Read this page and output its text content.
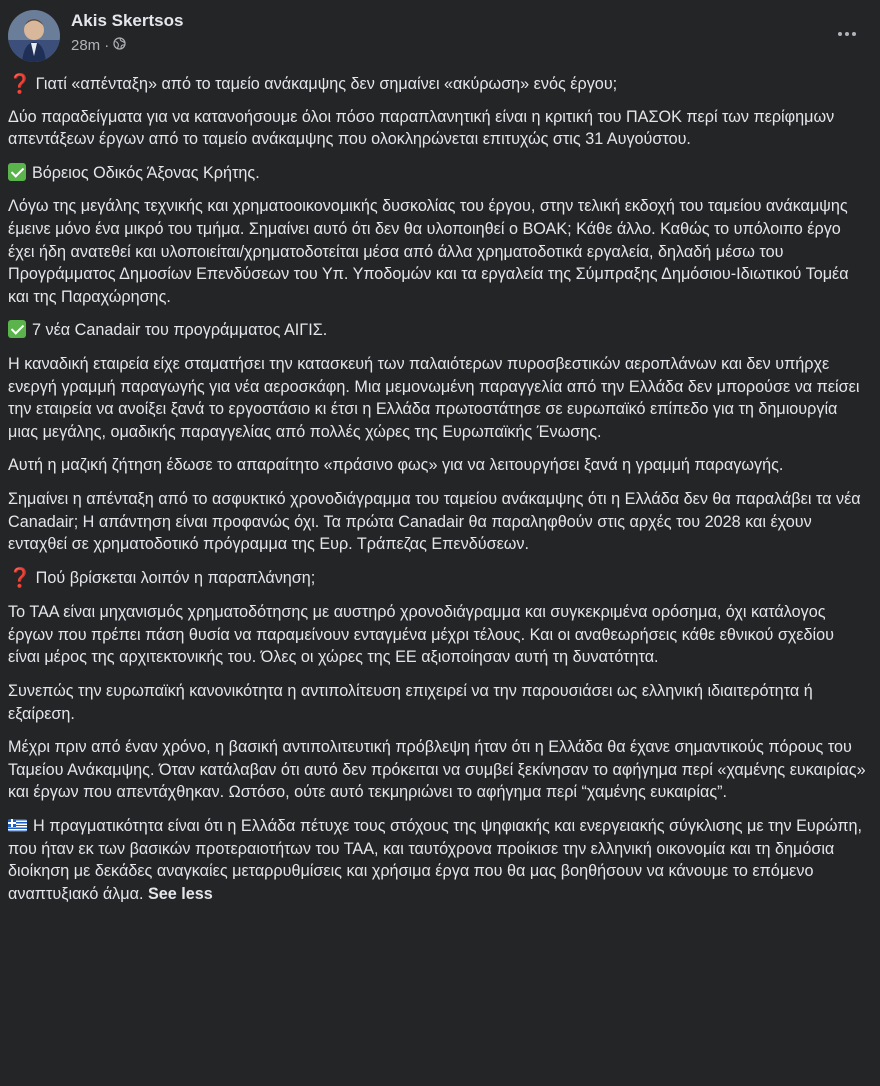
Akis Skertsos
28m ·

❓ Γιατί «απένταξη» από το ταμείο ανάκαμψης δεν σημαίνει «ακύρωση» ενός έργου;

Δύο παραδείγματα για να κατανοήσουμε όλοι πόσο παραπλανητική είναι η κριτική του ΠΑΣΟΚ περί των περίφημων απεντάξεων έργων από το ταμείο ανάκαμψης που ολοκληρώνεται επιτυχώς στις 31 Αυγούστου.

Βόρειος Οδικός Άξονας Κρήτης.

Λόγω της μεγάλης τεχνικής και χρηματοοικονομικής δυσκολίας του έργου, στην τελική εκδοχή του ταμείου ανάκαμψης έμεινε μόνο ένα μικρό του τμήμα. Σημαίνει αυτό ότι δεν θα υλοποιηθεί ο ΒΟΑΚ; Κάθε άλλο. Καθώς το υπόλοιπο έργο έχει ήδη ανατεθεί και υλοποιείται/χρηματοδοτείται μέσα από άλλα χρηματοδοτικά εργαλεία, δηλαδή μέσω του Προγράμματος Δημοσίων Επενδύσεων του Υπ. Υποδομών και τα εργαλεία της Σύμπραξης Δημόσιου-Ιδιωτικού Τομέα και της Παραχώρησης.

7 νέα Canadair του προγράμματος ΑΙΓΙΣ.

Η καναδική εταιρεία είχε σταματήσει την κατασκευή των παλαιότερων πυροσβεστικών αεροπλάνων και δεν υπήρχε ενεργή γραμμή παραγωγής για νέα αεροσκάφη. Μια μεμονωμένη παραγγελία από την Ελλάδα δεν μπορούσε να πείσει την εταιρεία να ανοίξει ξανά το εργοστάσιο κι έτσι η Ελλάδα πρωτοστάτησε σε ευρωπαϊκό επίπεδο για τη δημιουργία μιας μεγάλης, ομαδικής παραγγελίας από πολλές χώρες της Ευρωπαϊκής Ένωσης.

Αυτή η μαζική ζήτηση έδωσε το απαραίτητο «πράσινο φως» για να λειτουργήσει ξανά η γραμμή παραγωγής.

Σημαίνει η απένταξη από το ασφυκτικό χρονοδιάγραμμα του ταμείου ανάκαμψης ότι η Ελλάδα δεν θα παραλάβει τα νέα Canadair; Η απάντηση είναι προφανώς όχι. Τα πρώτα Canadair θα παραληφθούν στις αρχές του 2028 και έχουν ενταχθεί σε χρηματοδοτικό πρόγραμμα της Ευρ. Τράπεζας Επενδύσεων.

❓ Πού βρίσκεται λοιπόν η παραπλάνηση;

Το ΤΑΑ είναι μηχανισμός χρηματοδότησης με αυστηρό χρονοδιάγραμμα και συγκεκριμένα ορόσημα, όχι κατάλογος έργων που πρέπει πάση θυσία να παραμείνουν ενταγμένα μέχρι τέλους. Και οι αναθεωρήσεις κάθε εθνικού σχεδίου είναι μέρος της αρχιτεκτονικής του. Όλες οι χώρες της ΕΕ αξιοποίησαν αυτή τη δυνατότητα.

Συνεπώς την ευρωπαϊκή κανονικότητα η αντιπολίτευση επιχειρεί να την παρουσιάσει ως ελληνική ιδιαιτερότητα ή εξαίρεση.

Μέχρι πριν από έναν χρόνο, η βασική αντιπολιτευτική πρόβλεψη ήταν ότι η Ελλάδα θα έχανε σημαντικούς πόρους του Ταμείου Ανάκαμψης. Όταν κατάλαβαν ότι αυτό δεν πρόκειται να συμβεί ξεκίνησαν το αφήγημα περί «χαμένης ευκαιρίας» και έργων που απεντάχθηκαν. Ωστόσο, ούτε αυτό τεκμηριώνει το αφήγημα περί “χαμένης ευκαιρίας”.

Η πραγματικότητα είναι ότι η Ελλάδα πέτυχε τους στόχους της ψηφιακής και ενεργειακής σύγκλισης με την Ευρώπη, που ήταν εκ των βασικών προτεραιοτήτων του ΤΑΑ, και ταυτόχρονα προίκισε την ελληνική οικονομία και τη δημόσια διοίκηση με δεκάδες αναγκαίες μεταρρυθμίσεις και χρήσιμα έργα που θα μας βοηθήσουν να κάνουμε το επόμενο αναπτυξιακό άλμα. See less
